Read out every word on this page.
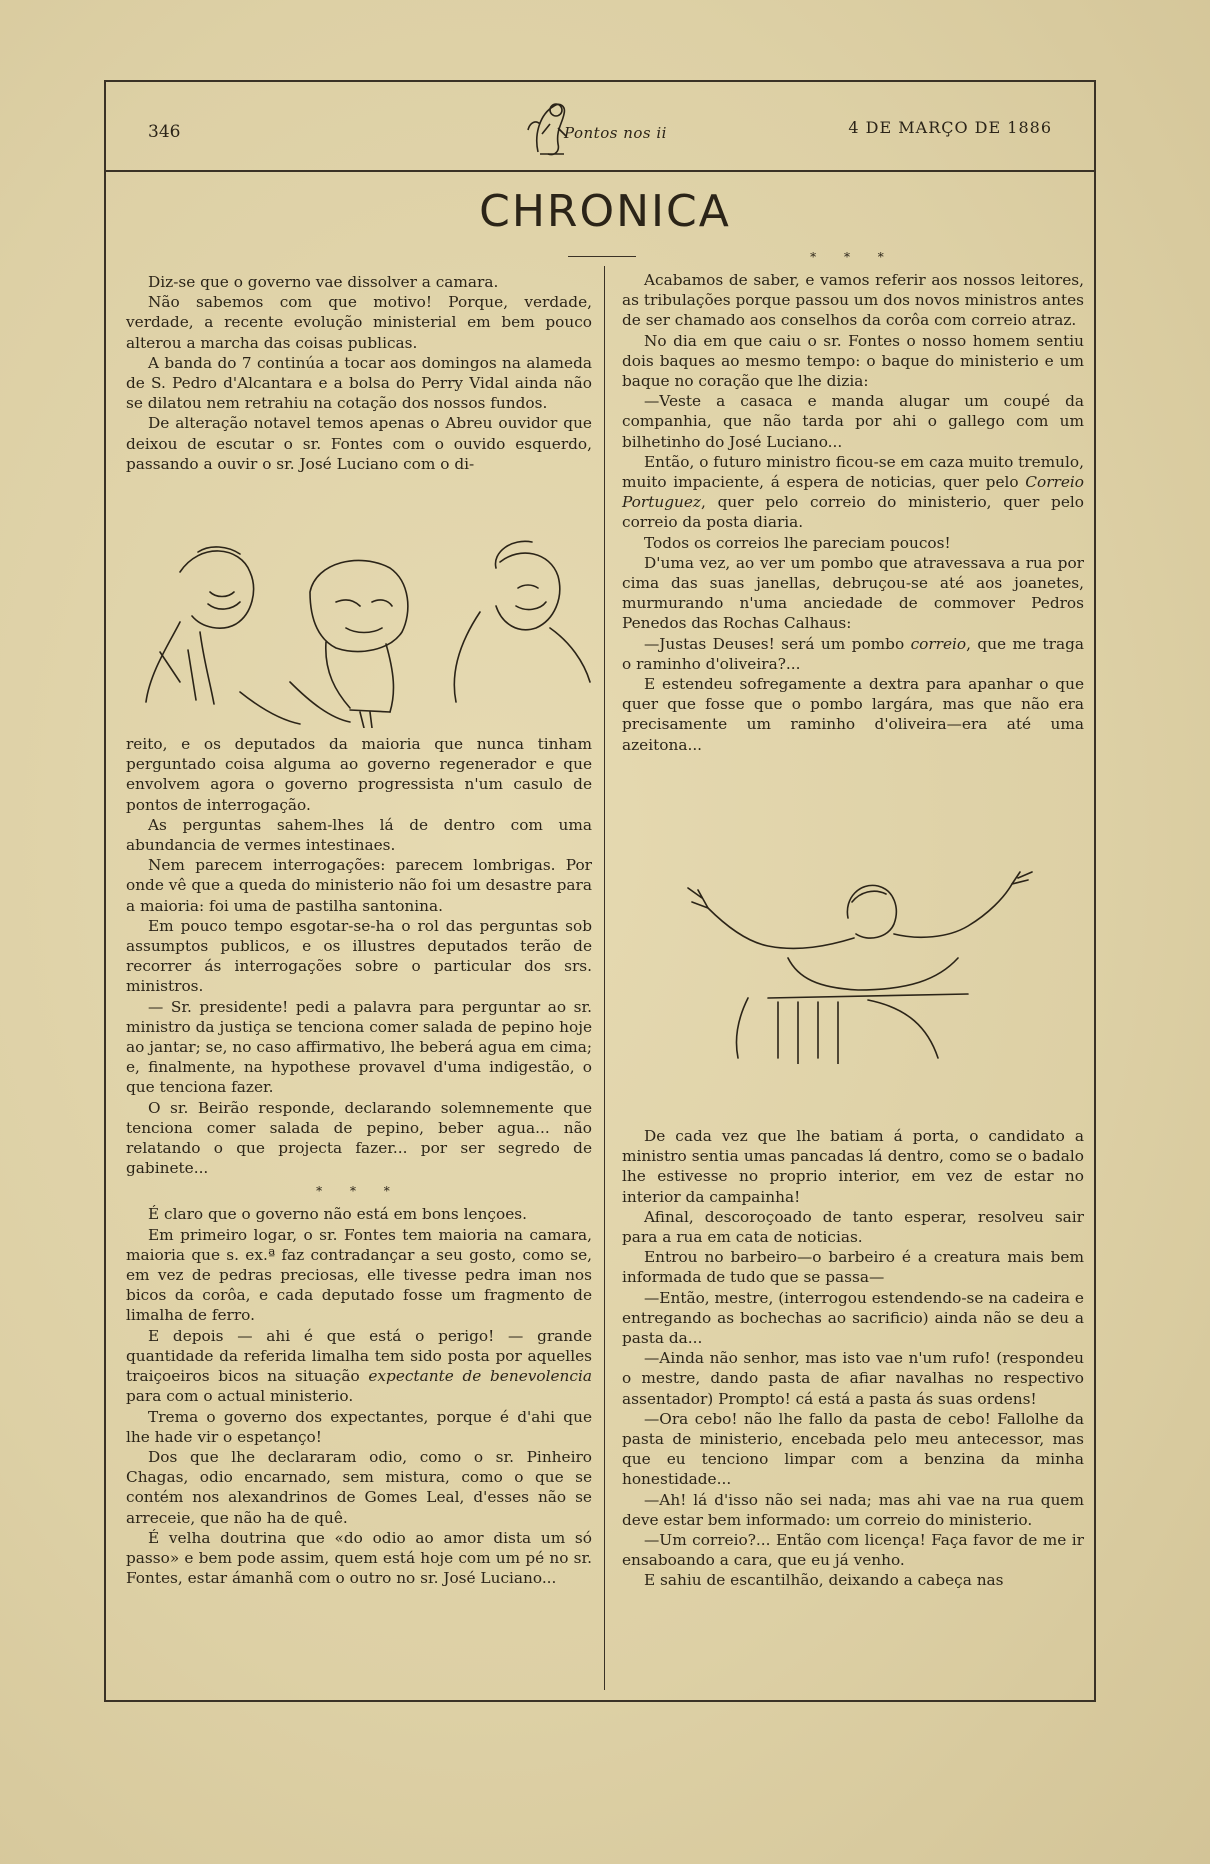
346	Pontos nos ii	4 DE MARÇO DE 1886
CHRONICA

Diz-se que o governo vae dissolver a camara.

Não sabemos com que motivo! Porque, verdade, verdade, a recente evolução ministerial em bem pouco alterou a marcha das coisas publicas.

A banda do 7 continúa a tocar aos domingos na alameda de S. Pedro d'Alcantara e a bolsa do Perry Vidal ainda não se dilatou nem retrahiu na cotação dos nossos fundos.

De alteração notavel temos apenas o Abreu ouvidor que deixou de escutar o sr. Fontes com o ouvido esquerdo, passando a ouvir o sr. José Luciano com o di-

reito, e os deputados da maioria que nunca tinham perguntado coisa alguma ao governo regenerador e que envolvem agora o governo progressista n'um casulo de pontos de interrogação.

As perguntas sahem-lhes lá de dentro com uma abundancia de vermes intestinaes.

Nem parecem interrogações: parecem lombrigas. Por onde vê que a queda do ministerio não foi um desastre para a maioria: foi uma de pastilha santonina.

Em pouco tempo esgotar-se-ha o rol das perguntas sob assumptos publicos, e os illustres deputados terão de recorrer ás interrogações sobre o particular dos srs. ministros.

— Sr. presidente! pedi a palavra para perguntar ao sr. ministro da justiça se tenciona comer salada de pepino hoje ao jantar; se, no caso affirmativo, lhe beberá agua em cima; e, finalmente, na hypothese provavel d'uma indigestão, o que tenciona fazer.

O sr. Beirão responde, declarando solemnemente que tenciona comer salada de pepino, beber agua... não relatando o que projecta fazer... por ser segredo de gabinete...

* * *

É claro que o governo não está em bons lençoes.

Em primeiro logar, o sr. Fontes tem maioria na camara, maioria que s. ex.ª faz contradançar a seu gosto, como se, em vez de pedras preciosas, elle tivesse pedra iman nos bicos da corôa, e cada deputado fosse um fragmento de limalha de ferro.

E depois — ahi é que está o perigo! — grande quantidade da referida limalha tem sido posta por aquelles traiçoeiros bicos na situação expectante de benevolencia para com o actual ministerio.

Trema o governo dos expectantes, porque é d'ahi que lhe hade vir o espetanço!

Dos que lhe declararam odio, como o sr. Pinheiro Chagas, odio encarnado, sem mistura, como o que se contém nos alexandrinos de Gomes Leal, d'esses não se arreceie, que não ha de quê.

É velha doutrina que «do odio ao amor dista um só passo» e bem pode assim, quem está hoje com um pé no sr. Fontes, estar ámanhã com o outro no sr. José Luciano...

* * *

Acabamos de saber, e vamos referir aos nossos leitores, as tribulações porque passou um dos novos ministros antes de ser chamado aos conselhos da corôa com correio atraz.

No dia em que caiu o sr. Fontes o nosso homem sentiu dois baques ao mesmo tempo: o baque do ministerio e um baque no coração que lhe dizia:

—Veste a casaca e manda alugar um coupé da companhia, que não tarda por ahi o gallego com um bilhetinho do José Luciano...

Então, o futuro ministro ficou-se em caza muito tremulo, muito impaciente, á espera de noticias, quer pelo Correio Portuguez, quer pelo correio do ministerio, quer pelo correio da posta diaria.

Todos os correios lhe pareciam poucos!

D'uma vez, ao ver um pombo que atravessava a rua por cima das suas janellas, debruçou-se até aos joanetes, murmurando n'uma anciedade de commover Pedros Penedos das Rochas Calhaus:

—Justas Deuses! será um pombo correio, que me traga o raminho d'oliveira?...

E estendeu sofregamente a dextra para apanhar o que quer que fosse que o pombo largára, mas que não era precisamente um raminho d'oliveira—era até uma azeitona...

De cada vez que lhe batiam á porta, o candidato a ministro sentia umas pancadas lá dentro, como se o badalo lhe estivesse no proprio interior, em vez de estar no interior da campainha!

Afinal, descoroçoado de tanto esperar, resolveu sair para a rua em cata de noticias.

Entrou no barbeiro—o barbeiro é a creatura mais bem informada de tudo que se passa—

—Então, mestre, (interrogou estendendo-se na cadeira e entregando as bochechas ao sacrificio) ainda não se deu a pasta da...

—Ainda não senhor, mas isto vae n'um rufo! (respondeu o mestre, dando pasta de afiar navalhas no respectivo assentador) Prompto! cá está a pasta ás suas ordens!

—Ora cebo! não lhe fallo da pasta de cebo! Fallolhe da pasta de ministerio, encebada pelo meu antecessor, mas que eu tenciono limpar com a benzina da minha honestidade...

—Ah! lá d'isso não sei nada; mas ahi vae na rua quem deve estar bem informado: um correio do ministerio.

—Um correio?... Então com licença! Faça favor de me ir ensaboando a cara, que eu já venho.

E sahiu de escantilhão, deixando a cabeça nas
